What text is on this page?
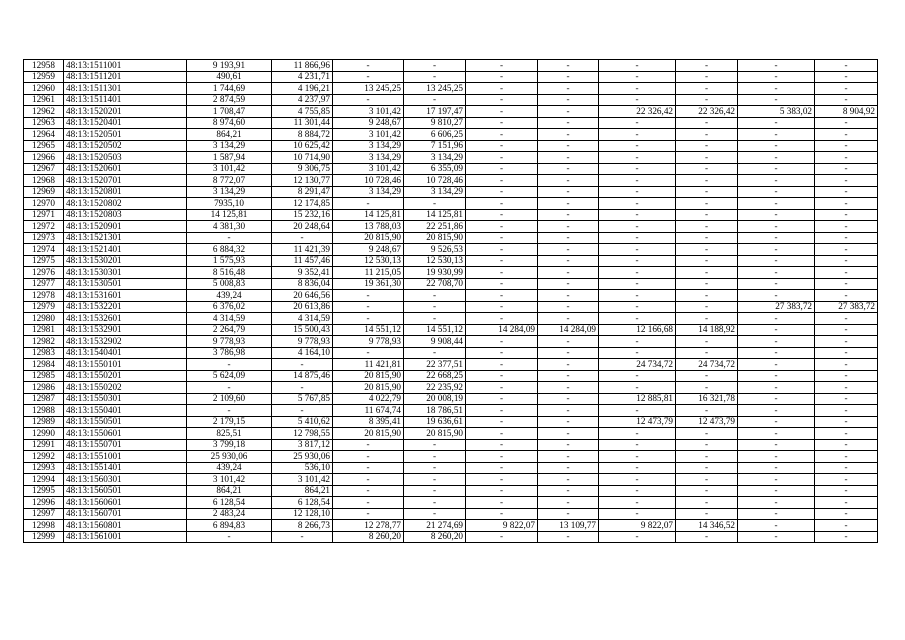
12958	48:13:1511001	9 193,91	11 866,96	-	-	-	-	-	-	-	-
12959	48:13:1511201	490,61	4 231,71	-	-	-	-	-	-	-	-
12960	48:13:1511301	1 744,69	4 196,21	13 245,25	13 245,25	-	-	-	-	-	-
12961	48:13:1511401	2 874,59	4 237,97	-	-	-	-	-	-	-	-
12962	48:13:1520201	1 708,47	4 755,85	3 101,42	17 197,47	-	-	22 326,42	22 326,42	5 383,02	8 904,92
12963	48:13:1520401	8 974,60	11 301,44	9 248,67	9 810,27	-	-	-	-	-	-
12964	48:13:1520501	864,21	8 884,72	3 101,42	6 606,25	-	-	-	-	-	-
12965	48:13:1520502	3 134,29	10 625,42	3 134,29	7 151,96	-	-	-	-	-	-
12966	48:13:1520503	1 587,94	10 714,90	3 134,29	3 134,29	-	-	-	-	-	-
12967	48:13:1520601	3 101,42	9 306,75	3 101,42	6 355,09	-	-	-	-	-	-
12968	48:13:1520701	8 772,07	12 130,77	10 728,46	10 728,46	-	-	-	-	-	-
12969	48:13:1520801	3 134,29	8 291,47	3 134,29	3 134,29	-	-	-	-	-	-
12970	48:13:1520802	7935,10	12 174,85	-	-	-	-	-	-	-	-
12971	48:13:1520803	14 125,81	15 232,16	14 125,81	14 125,81	-	-	-	-	-	-
12972	48:13:1520901	4 381,30	20 248,64	13 788,03	22 251,86	-	-	-	-	-	-
12973	48:13:1521301	-	-	20 815,90	20 815,90	-	-	-	-	-	-
12974	48:13:1521401	6 884,32	11 421,39	9 248,67	9 526,53	-	-	-	-	-	-
12975	48:13:1530201	1 575,93	11 457,46	12 530,13	12 530,13	-	-	-	-	-	-
12976	48:13:1530301	8 516,48	9 352,41	11 215,05	19 930,99	-	-	-	-	-	-
12977	48:13:1530501	5 008,83	8 836,04	19 361,30	22 708,70	-	-	-	-	-	-
12978	48:13:1531601	439,24	20 646,56	-	-	-	-	-	-	-	-
12979	48:13:1532201	6 376,02	20 613,86	-	-	-	-	-	-	27 383,72	27 383,72
12980	48:13:1532601	4 314,59	4 314,59	-	-	-	-	-	-	-	-
12981	48:13:1532901	2 264,79	15 500,43	14 551,12	14 551,12	14 284,09	14 284,09	12 166,68	14 188,92	-	-
12982	48:13:1532902	9 778,93	9 778,93	9 778,93	9 908,44	-	-	-	-	-	-
12983	48:13:1540401	3 786,98	4 164,10	-	-	-	-	-	-	-	-
12984	48:13:1550101	-	-	11 421,81	22 377,51	-	-	24 734,72	24 734,72	-	-
12985	48:13:1550201	5 624,09	14 875,46	20 815,90	22 668,25	-	-	-	-	-	-
12986	48:13:1550202	-	-	20 815,90	22 235,92	-	-	-	-	-	-
12987	48:13:1550301	2 109,60	5 767,85	4 022,79	20 008,19	-	-	12 885,81	16 321,78	-	-
12988	48:13:1550401	-	-	11 674,74	18 786,51	-	-	-	-	-	-
12989	48:13:1550501	2 179,15	5 410,62	8 395,41	19 636,61	-	-	12 473,79	12 473,79	-	-
12990	48:13:1550601	825,51	12 798,55	20 815,90	20 815,90	-	-	-	-	-	-
12991	48:13:1550701	3 799,18	3 817,12	-	-	-	-	-	-	-	-
12992	48:13:1551001	25 930,06	25 930,06	-	-	-	-	-	-	-	-
12993	48:13:1551401	439,24	536,10	-	-	-	-	-	-	-	-
12994	48:13:1560301	3 101,42	3 101,42	-	-	-	-	-	-	-	-
12995	48:13:1560501	864,21	864,21	-	-	-	-	-	-	-	-
12996	48:13:1560601	6 128,54	6 128,54	-	-	-	-	-	-	-	-
12997	48:13:1560701	2 483,24	12 128,10	-	-	-	-	-	-	-	-
12998	48:13:1560801	6 894,83	8 266,73	12 278,77	21 274,69	9 822,07	13 109,77	9 822,07	14 346,52	-	-
12999	48:13:1561001	-	-	8 260,20	8 260,20	-	-	-	-	-	-
